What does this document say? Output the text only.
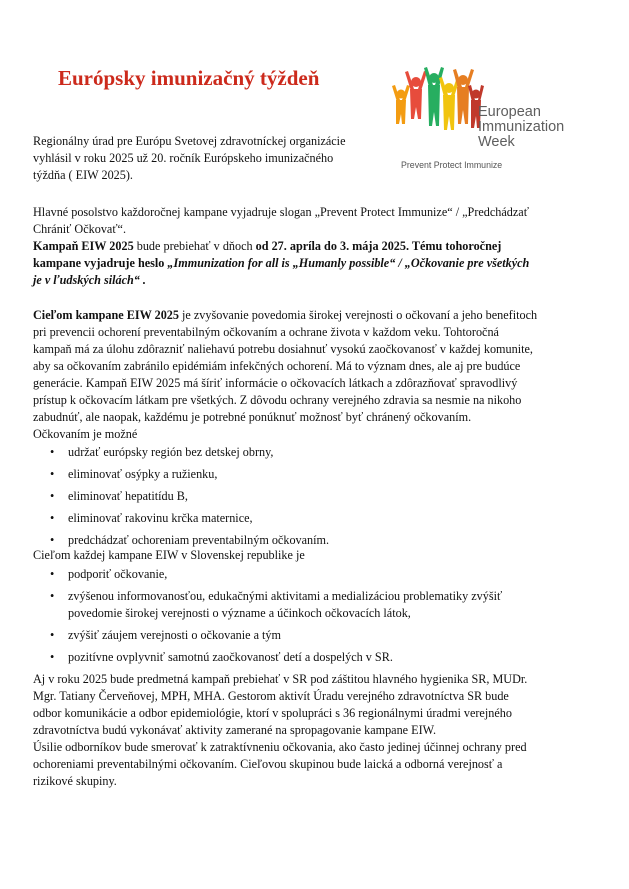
Európsky imunizačný týždeň
European
Immunization
Week
Prevent Protect Immunize

Regionálny úrad pre Európu Svetovej zdravotníckej organizácie
vyhlásil v roku 2025 už 20. ročník Európskeho imunizačného
týždňa ( EIW 2025).

Hlavné posolstvo každoročnej kampane vyjadruje slogan „Prevent Protect Immunize“ / „Predchádzať
Chrániť Očkovať“.

Kampaň EIW 2025 bude prebiehať v dňoch od 27. apríla do 3. mája 2025. Tému tohoročnej
kampane vyjadruje heslo „Immunization for all is „Humanly possible“ / „Očkovanie pre všetkých
je v ľudských silách“ .

Cieľom kampane EIW 2025 je zvyšovanie povedomia širokej verejnosti o očkovaní a jeho benefitoch
pri prevencii ochorení preventabilným očkovaním a ochrane života v každom veku. Tohtoročná
kampaň má za úlohu zdôrazniť naliehavú potrebu dosiahnuť vysokú zaočkovanosť v každej komunite,
aby sa očkovaním zabránilo epidémiám infekčných ochorení. Má to význam dnes, ale aj pre budúce
generácie. Kampaň EIW 2025 má šíriť informácie o očkovacích látkach a zdôrazňovať spravodlivý
prístup k očkovacím látkam pre všetkých. Z dôvodu ochrany verejného zdravia sa nesmie na nikoho
zabudnúť, ale naopak, každému je potrebné ponúknuť možnosť byť chránený očkovaním.
Očkovaním je možné

• udržať európsky región bez detskej obrny,
• eliminovať osýpky a ružienku,
• eliminovať hepatitídu B,
• eliminovať rakovinu krčka maternice,
• predchádzať ochoreniam preventabilným očkovaním.

Cieľom každej kampane EIW v Slovenskej republike je

• podporiť očkovanie,
• zvýšenou informovanosťou, edukačnými aktivitami a medializáciou problematiky zvýšiť
povedomie širokej verejnosti o význame a účinkoch očkovacích látok,
• zvýšiť záujem verejnosti o očkovanie a tým
• pozitívne ovplyvniť samotnú zaočkovanosť detí a dospelých v SR.

Aj v roku 2025 bude predmetná kampaň prebiehať v SR pod záštitou hlavného hygienika SR, MUDr.
Mgr. Tatiany Červeňovej, MPH, MHA. Gestorom aktivít Úradu verejného zdravotníctva SR bude
odbor komunikácie a odbor epidemiológie, ktorí v spolupráci s 36 regionálnymi úradmi verejného
zdravotníctva budú vykonávať aktivity zamerané na spropagovanie kampane EIW.
Úsilie odborníkov bude smerovať k zatraktívneniu očkovania, ako často jedinej účinnej ochrany pred
ochoreniami preventabilnými očkovaním. Cieľovou skupinou bude laická a odborná verejnosť a
rizikové skupiny.
